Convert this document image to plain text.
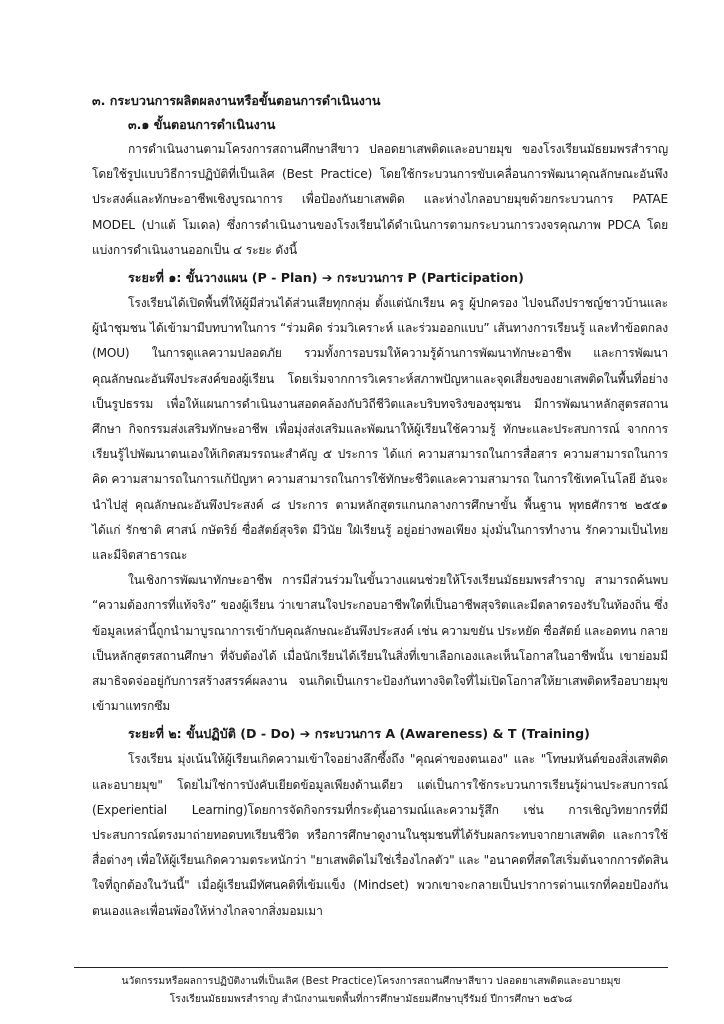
๓. กระบวนการผลิตผลงานหรือขั้นตอนการดำเนินงาน

๓.๑ ขั้นตอนการดำเนินงาน

การดำเนินงานตามโครงการสถานศึกษาสีขาว ปลอดยาเสพติดและอบายมุข ของโรงเรียนมัธยมพรสำราญ โดยใช้รูปแบบวิธีการปฏิบัติที่เป็นเลิศ (Best Practice) โดยใช้กระบวนการขับเคลื่อนการพัฒนาคุณลักษณะอันพึงประสงค์และทักษะอาชีพเชิงบูรณาการ เพื่อป้องกันยาเสพติด และห่างไกลอบายมุขด้วยกระบวนการ PATAE MODEL (ปาแต้ โมเดล) ซึ่งการดำเนินงานของโรงเรียนได้ดำเนินการตามกระบวนการวงจรคุณภาพ PDCA โดยแบ่งการดำเนินงานออกเป็น ๔ ระยะ ดังนี้

ระยะที่ ๑: ขั้นวางแผน (P - Plan) ➔ กระบวนการ P (Participation)

โรงเรียนได้เปิดพื้นที่ให้ผู้มีส่วนได้ส่วนเสียทุกกลุ่ม ตั้งแต่นักเรียน ครู ผู้ปกครอง ไปจนถึงปราชญ์ชาวบ้านและผู้นำชุมชน ได้เข้ามามีบทบาทในการ “ร่วมคิด ร่วมวิเคราะห์ และร่วมออกแบบ” เส้นทางการเรียนรู้ และทำข้อตกลง (MOU) ในการดูแลความปลอดภัย รวมทั้งการอบรมให้ความรู้ด้านการพัฒนาทักษะอาชีพ และการพัฒนาคุณลักษณะอันพึงประสงค์ของผู้เรียน โดยเริ่มจากการวิเคราะห์สภาพปัญหาและจุดเสี่ยงของยาเสพติดในพื้นที่อย่างเป็นรูปธรรม เพื่อให้แผนการดำเนินงานสอดคล้องกับวิถีชีวิตและบริบทจริงของชุมชน มีการพัฒนาหลักสูตรสถานศึกษา กิจกรรมส่งเสริมทักษะอาชีพ เพื่อมุ่งส่งเสริมและพัฒนาให้ผู้เรียนใช้ความรู้ ทักษะและประสบการณ์ จากการเรียนรู้ไปพัฒนาตนเองให้เกิดสมรรถนะสำคัญ ๕ ประการ ได้แก่ ความสามารถในการสื่อสาร ความสามารถในการคิด ความสามารถในการแก้ปัญหา ความสามารถในการใช้ทักษะชีวิตและความสามารถ ในการใช้เทคโนโลยี อันจะนำไปสู่ คุณลักษณะอันพึงประสงค์ ๘ ประการ ตามหลักสูตรแกนกลางการศึกษาขั้น พื้นฐาน พุทธศักราช ๒๕๕๑ ได้แก่ รักชาติ ศาสน์ กษัตริย์ ซื่อสัตย์สุจริต มีวินัย ใฝ่เรียนรู้ อยู่อย่างพอเพียง มุ่งมั่นในการทำงาน รักความเป็นไทยและมีจิตสาธารณะ

ในเชิงการพัฒนาทักษะอาชีพ การมีส่วนร่วมในขั้นวางแผนช่วยให้โรงเรียนมัธยมพรสำราญ สามารถค้นพบ “ความต้องการที่แท้จริง” ของผู้เรียน ว่าเขาสนใจประกอบอาชีพใดที่เป็นอาชีพสุจริตและมีตลาดรองรับในท้องถิ่น ซึ่งข้อมูลเหล่านี้ถูกนำมาบูรณาการเข้ากับคุณลักษณะอันพึงประสงค์ เช่น ความขยัน ประหยัด ซื่อสัตย์ และอดทน กลายเป็นหลักสูตรสถานศึกษา ที่จับต้องได้ เมื่อนักเรียนได้เรียนในสิ่งที่เขาเลือกเองและเห็นโอกาสในอาชีพนั้น เขาย่อมมีสมาธิจดจ่ออยู่กับการสร้างสรรค์ผลงาน จนเกิดเป็นเกราะป้องกันทางจิตใจที่ไม่เปิดโอกาสให้ยาเสพติดหรืออบายมุขเข้ามาแทรกซึม

ระยะที่ ๒: ขั้นปฏิบัติ (D - Do) ➔ กระบวนการ A (Awareness) & T (Training)

โรงเรียน มุ่งเน้นให้ผู้เรียนเกิดความเข้าใจอย่างลึกซึ้งถึง "คุณค่าของตนเอง" และ "โทษมหันต์ของสิ่งเสพติดและอบายมุข" โดยไม่ใช่การบังคับเยียดข้อมูลเพียงด้านเดียว แต่เป็นการใช้กระบวนการเรียนรู้ผ่านประสบการณ์ (Experiential Learning)โดยการจัดกิจกรรมที่กระตุ้นอารมณ์และความรู้สึก เช่น การเชิญวิทยากรที่มีประสบการณ์ตรงมาถ่ายทอดบทเรียนชีวิต หรือการศึกษาดูงานในชุมชนที่ได้รับผลกระทบจากยาเสพติด และการใช้สื่อต่างๆ เพื่อให้ผู้เรียนเกิดความตระหนักว่า "ยาเสพติดไม่ใช่เรื่องไกลตัว" และ "อนาคตที่สดใสเริ่มต้นจากการตัดสินใจที่ถูกต้องในวันนี้" เมื่อผู้เรียนมีทัศนคติที่เข้มแข็ง (Mindset) พวกเขาจะกลายเป็นปราการด่านแรกที่คอยป้องกันตนเองและเพื่อนพ้องให้ห่างไกลจากสิ่งมอมเมา

นวัตกรรมหรือผลการปฏิบัติงานที่เป็นเลิศ (Best Practice)โครงการสถานศึกษาสีขาว ปลอดยาเสพติดและอบายมุข
โรงเรียนมัธยมพรสำราญ สำนักงานเขตพื้นที่การศึกษามัธยมศึกษาบุรีรัมย์ ปีการศึกษา ๒๕๖๘
